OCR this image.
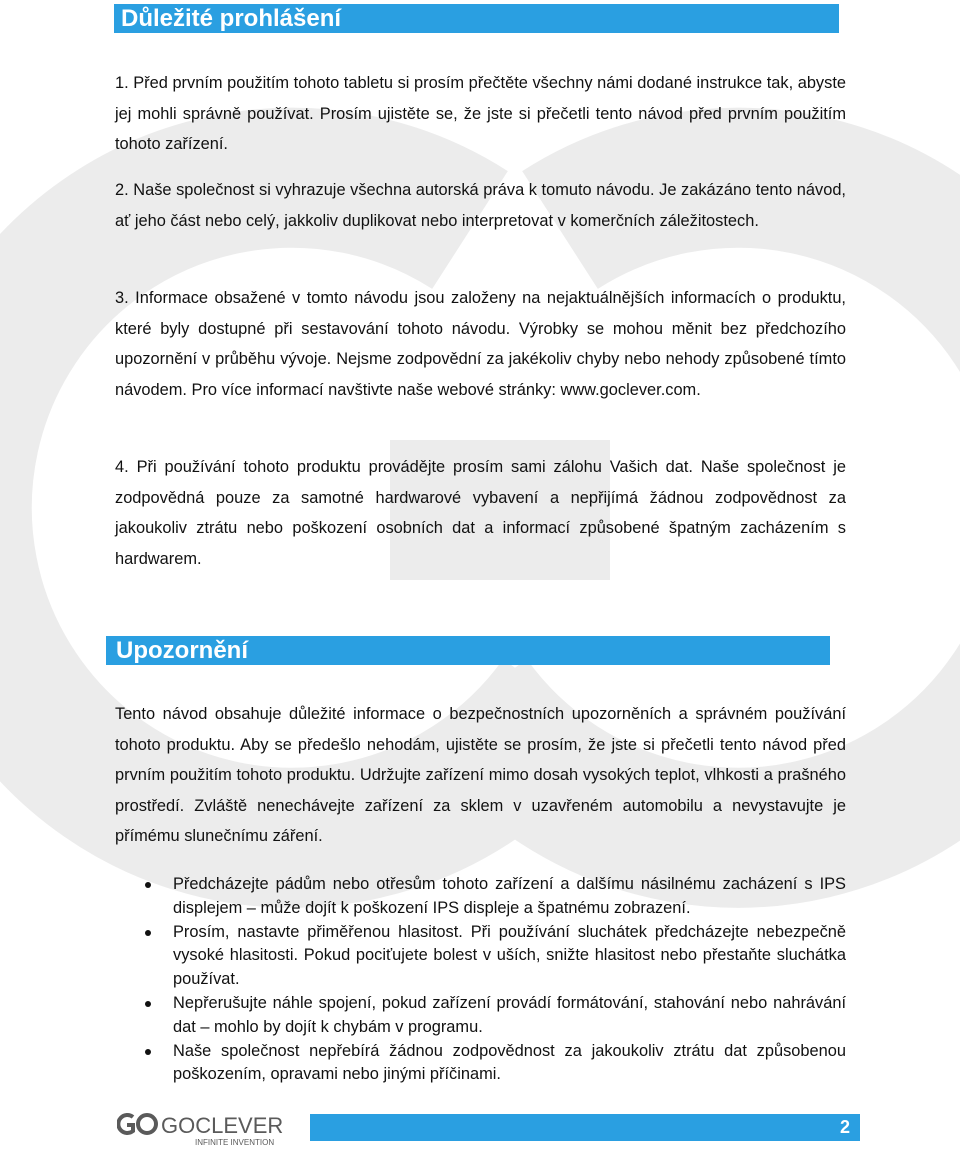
Důležité prohlášení

1. Před prvním použitím tohoto tabletu si prosím přečtěte všechny námi dodané instrukce tak, abyste jej mohli správně používat. Prosím ujistěte se, že jste si přečetli tento návod před prvním použitím tohoto zařízení.

2. Naše společnost si vyhrazuje všechna autorská práva k tomuto návodu. Je zakázáno tento návod, ať jeho část nebo celý, jakkoliv duplikovat nebo interpretovat v komerčních záležitostech.

3. Informace obsažené v tomto návodu jsou založeny na nejaktuálnějších informacích o produktu, které byly dostupné při sestavování tohoto návodu. Výrobky se mohou měnit bez předchozího upozornění v průběhu vývoje. Nejsme zodpovědní za jakékoliv chyby nebo nehody způsobené tímto návodem. Pro více informací navštivte naše webové stránky: www.goclever.com.

4. Při používání tohoto produktu provádějte prosím sami zálohu Vašich dat. Naše společnost je zodpovědná pouze za samotné hardwarové vybavení a nepřijímá žádnou zodpovědnost za jakoukoliv ztrátu nebo poškození osobních dat a informací způsobené špatným zacházením s hardwarem.

Upozornění

Tento návod obsahuje důležité informace o bezpečnostních upozorněních a správném používání tohoto produktu. Aby se předešlo nehodám, ujistěte se prosím, že jste si přečetli tento návod před prvním použitím tohoto produktu. Udržujte zařízení mimo dosah vysokých teplot, vlhkosti a prašného prostředí. Zvláště nenechávejte zařízení za sklem v uzavřeném automobilu a nevystavujte je přímému slunečnímu záření.

Předcházejte pádům nebo otřesům tohoto zařízení a dalšímu násilnému zacházení s IPS displejem – může dojít k poškození IPS displeje a špatnému zobrazení.
Prosím, nastavte přiměřenou hlasitost. Při používání sluchátek předcházejte nebezpečně vysoké hlasitosti. Pokud pociťujete bolest v uších, snižte hlasitost nebo přestaňte sluchátka používat.
Nepřerušujte náhle spojení, pokud zařízení provádí formátování, stahování nebo nahrávání dat – mohlo by dojít k chybám v programu.
Naše společnost nepřebírá žádnou zodpovědnost za jakoukoliv ztrátu dat způsobenou poškozením, opravami nebo jinými příčinami.
GOCLEVER
INFINITE INVENTION
2
